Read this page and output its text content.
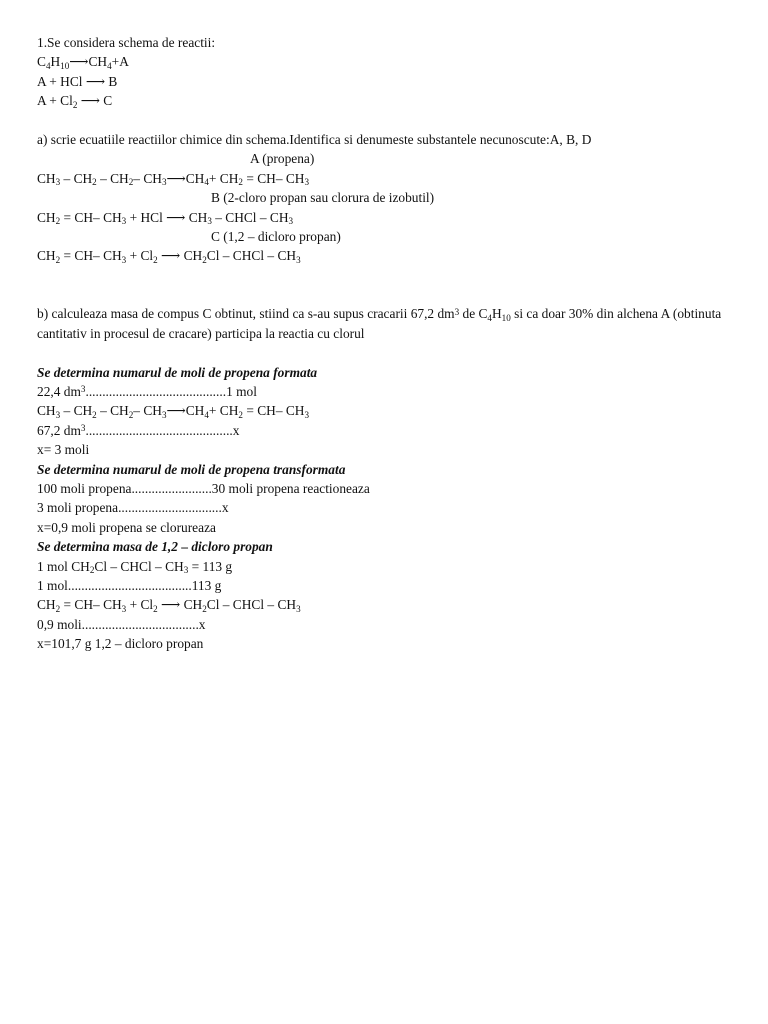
1.Se considera schema de reactii:
$C_4H_{10}⟶CH_4+A$
A + HCl ⟶ B
$A + Cl_2$ ⟶ C
a) scrie ecuatiile reactiilor chimice din schema.Identifica si denumeste substantele necunoscute:A, B, D
A (propena)
$CH_3 - CH_2 - CH_2-$ $CH_3⟶CH_4+ CH_2 = CH-$ $CH_3$
B (2-cloro propan sau clorura de izobutil)
$CH_2 = CH-$ $CH_3$ + HCl ⟶ $CH_3$ – CHCl – $CH_3$
C (1,2 – dicloro propan)
$CH_2 = CH-$ $CH_3 + Cl_2$ ⟶ $CH_2Cl$ – CHCl – $CH_3$
b) calculeaza masa de compus C obtinut, stiind ca s-au supus cracarii 67,2 $dm^3$ de $C_4H_{10}$ si ca doar 30% din alchena A (obtinuta cantitativ in procesul de cracare) participa la reactia cu clorul
Se determina numarul de moli de propena formata
22,4 $dm^3..........................................1$ mol
$CH_3 - CH_2 - CH_2-$ $CH_3⟶CH_4+ CH_2 = CH-$ $CH_3$
67,2 $dm^3............................................x$
x= 3 moli
Se determina numarul de moli de propena transformata
100 moli propena........................30 moli propena reactioneaza
3 moli propena...............................x
x=0,9 moli propena se clorureaza
Se determina masa de 1,2 – dicloro propan
1 mol $CH_2Cl$ – CHCl – $CH_3 = 113$ g
1 mol.....................................113 g
$CH_2 = CH-$ $CH_3 + Cl_2$ ⟶ $CH_2Cl$ – CHCl – $CH_3$
0,9 moli...................................x
x=101,7 g 1,2 – dicloro propan
